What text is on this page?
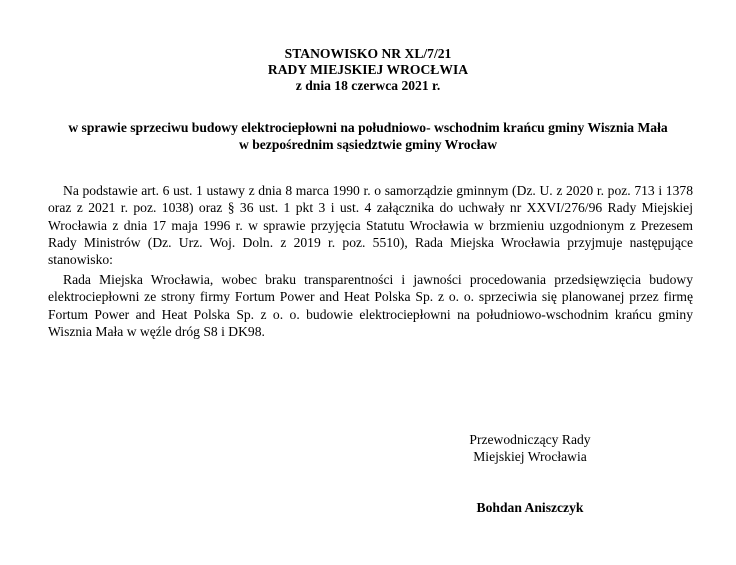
STANOWISKO NR XL/7/21
RADY MIEJSKIEJ WROCŁWIA
z dnia 18 czerwca 2021 r.
w sprawie sprzeciwu budowy elektrociepłowni na południowo- wschodnim krańcu gminy Wisznia Mała
w bezpośrednim sąsiedztwie gminy Wrocław

Na podstawie art. 6 ust. 1 ustawy z dnia 8 marca 1990 r. o samorządzie gminnym (Dz. U. z 2020 r. poz. 713 i 1378 oraz z 2021 r. poz. 1038) oraz § 36 ust. 1 pkt 3 i ust. 4 załącznika do uchwały nr XXVI/276/96 Rady Miejskiej Wrocławia z dnia 17 maja 1996 r. w sprawie przyjęcia Statutu Wrocławia w brzmieniu uzgodnionym z Prezesem Rady Ministrów (Dz. Urz. Woj. Doln. z 2019 r. poz. 5510), Rada Miejska Wrocławia przyjmuje następujące stanowisko:

Rada Miejska Wrocławia, wobec braku transparentności i jawności procedowania przedsięwzięcia budowy elektrociepłowni ze strony firmy Fortum Power and Heat Polska Sp. z o. o. sprzeciwia się planowanej przez firmę Fortum Power and Heat Polska Sp. z o. o. budowie elektrociepłowni na południowo-wschodnim krańcu gminy Wisznia Mała w węźle dróg S8 i DK98.

Przewodniczący Rady
Miejskiej Wrocławia
Bohdan Aniszczyk
